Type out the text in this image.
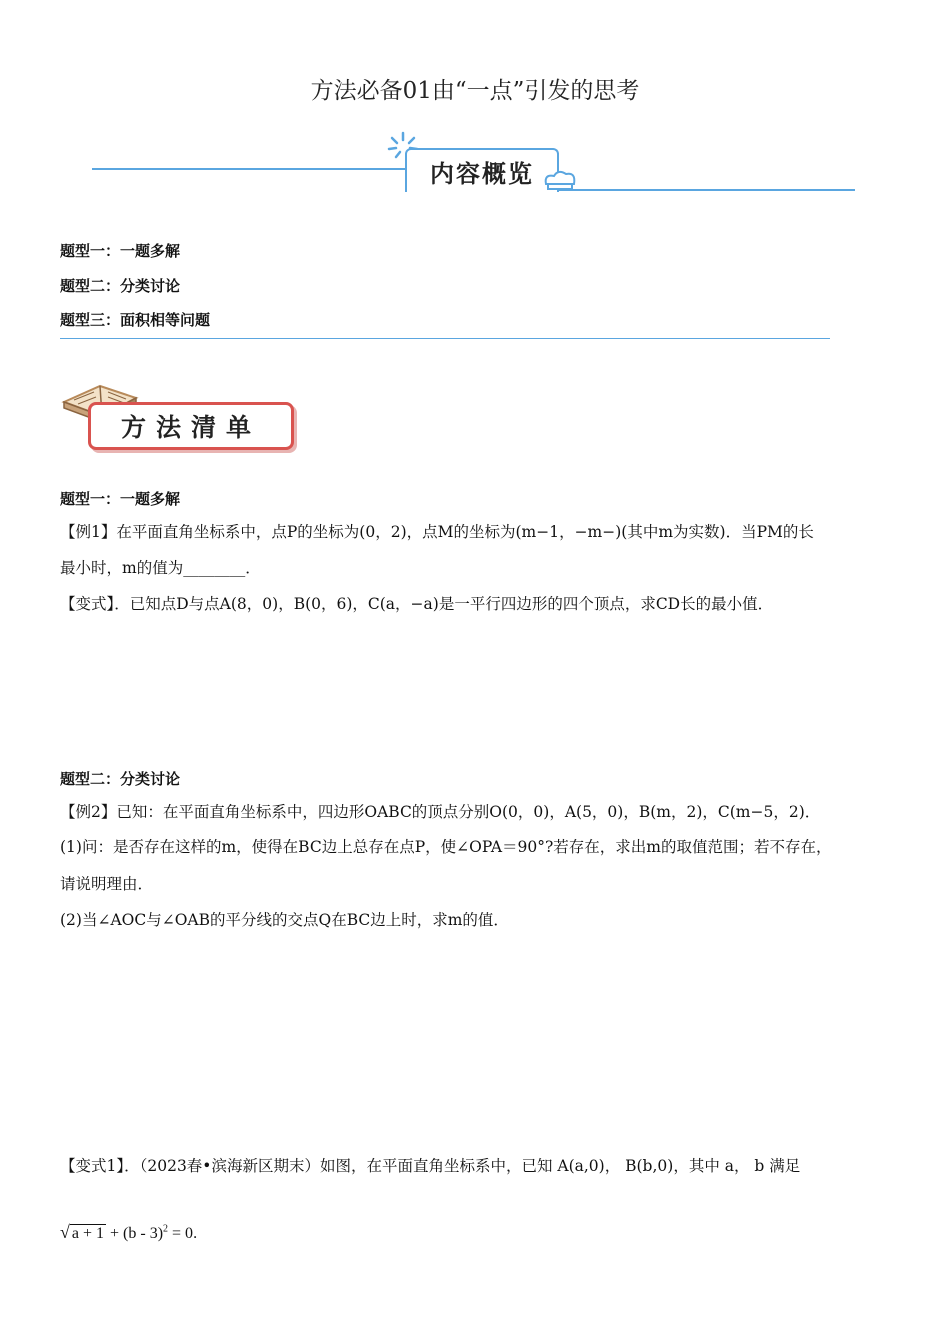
方法必备01由“一点”引发的思考
内容概览
题型一：一题多解
题型二：分类讨论
题型三：面积相等问题
方法清单
题型一：一题多解
【例1】在平面直角坐标系中，点P的坐标为(0，2)，点M的坐标为(m−1，−m−)(其中m为实数)．当PM的长
最小时，m的值为________．
【变式】．已知点D与点A(8，0)，B(0，6)，C(a，−a)是一平行四边形的四个顶点，求CD长的最小值．
题型二：分类讨论
【例2】已知：在平面直角坐标系中，四边形OABC的顶点分别O(0，0)，A(5，0)，B(m，2)，C(m−5，2)．
(1)问：是否存在这样的m，使得在BC边上总存在点P，使∠OPA＝90°?若存在，求出m的取值范围；若不存在，
请说明理由．
(2)当∠AOC与∠OAB的平分线的交点Q在BC边上时，求m的值．
【变式1】．（2023春•滨海新区期末）如图，在平面直角坐标系中，已知 A(a,0)， B(b,0)，其中 a， b 满足
√ a + 1 + (b - 3)$^2$ = 0.
